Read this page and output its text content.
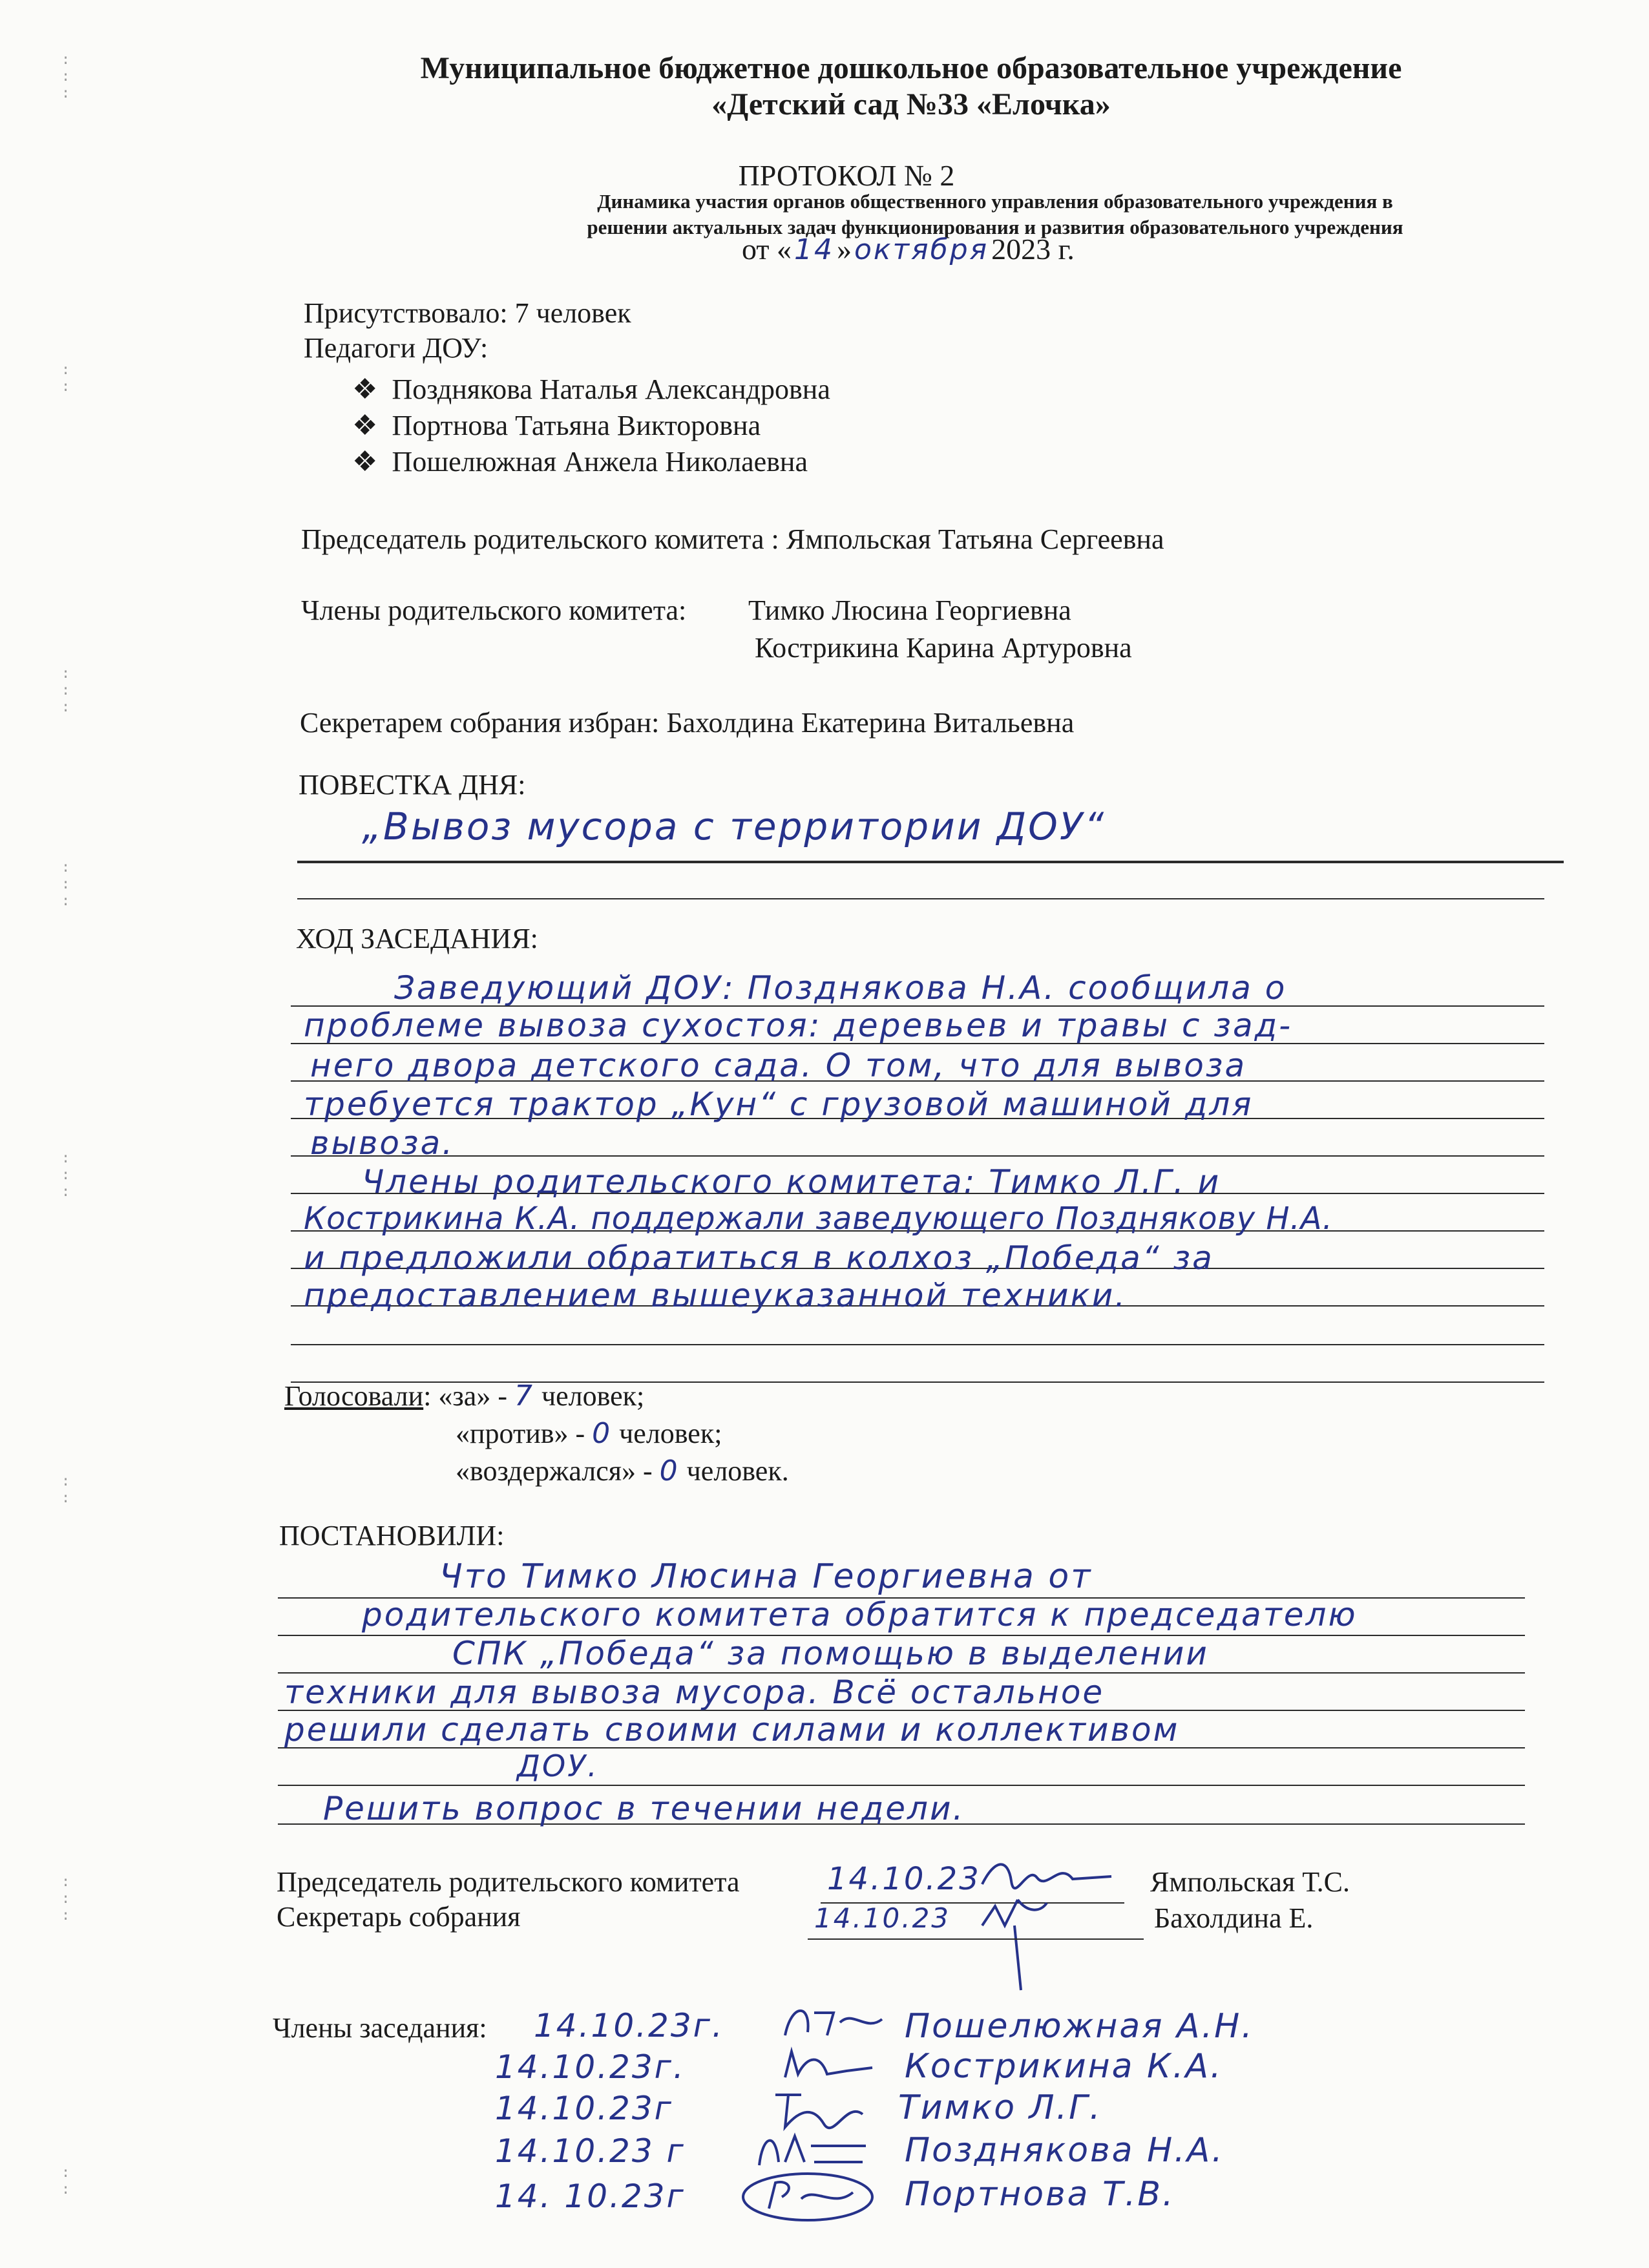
:
:
:
:
:
:
:
:
:
:
:
:
:
:
:
:
:
:
:
:
:
Муниципальное бюджетное дошкольное образовательное учреждение
«Детский сад №33 «Елочка»
ПРОТОКОЛ № 2
Динамика участия органов общественного управления образовательного учреждения в
решении актуальных задач функционирования и развития образовательного учреждения
от « 14 » октября 2023 г.
Присутствовало: 7 человек
Педагоги ДОУ:
❖ Позднякова Наталья Александровна
❖ Портнова Татьяна Викторовна
❖ Пошелюжная Анжела Николаевна
Председатель родительского комитета : Ямпольская Татьяна Сергеевна
Члены родительского комитета: Тимко Люсина Георгиевна
Кострикина Карина Артуровна
Секретарем собрания избран: Бахолдина Екатерина Витальевна
ПОВЕСТКА ДНЯ:
„Вывоз мусора с территории ДОУ“
ХОД ЗАСЕДАНИЯ:
Заведующий ДОУ: Позднякова Н.А. сообщила о
проблеме вывоза сухостоя: деревьев и травы с зад-
него двора детского сада. О том, что для вывоза
требуется трактор „Кун“ с грузовой машиной для
вывоза.
Члены родительского комитета: Тимко Л.Г. и
Кострикина К.А. поддержали заведующего Позднякову Н.А.
и предложили обратиться в колхоз „Победа“ за
предоставлением вышеуказанной техники.
Голосовали: «за» - 7 человек;
«против» - 0 человек;
«воздержался» - 0 человек.
ПОСТАНОВИЛИ:
Что Тимко Люсина Георгиевна от
родительского комитета обратится к председателю
СПК „Победа“ за помощью в выделении
техники для вывоза мусора. Всё остальное
решили сделать своими силами и коллективом
ДОУ.
Решить вопрос в течении недели.
Председатель родительского комитета	14.10.23	Ямпольская Т.С.
Секретарь собрания	14.10.23	Бахолдина Е.
Члены заседания: 14.10.23г.	Пошелюжная А.Н.
14.10.23г.	Кострикина К.А.
14.10.23г	Тимко Л.Г.
14.10.23 г	Позднякова Н.А.
14. 10.23г	Портнова Т.В.
